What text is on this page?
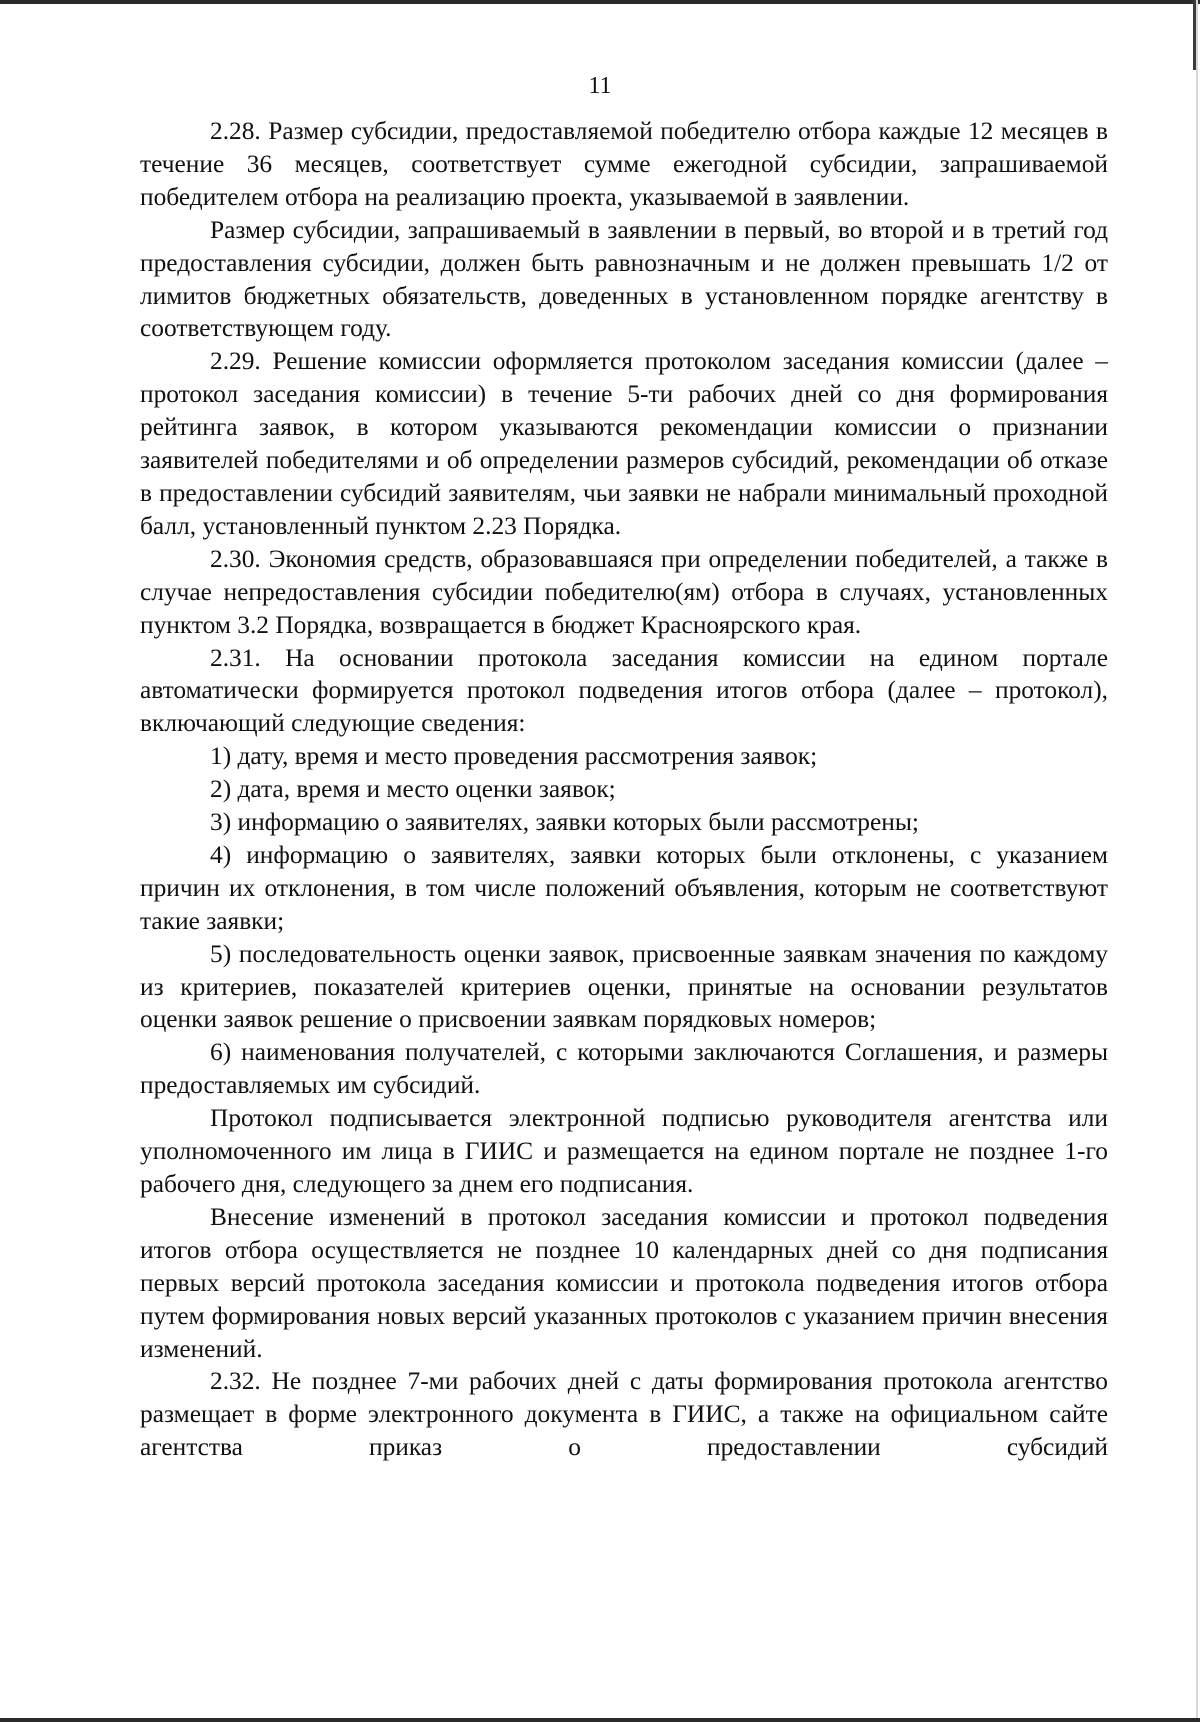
11

2.28. Размер субсидии, предоставляемой победителю отбора каждые 12 месяцев в течение 36 месяцев, соответствует сумме ежегодной субсидии, запрашиваемой победителем отбора на реализацию проекта, указываемой в заявлении.

Размер субсидии, запрашиваемый в заявлении в первый, во второй и в третий год предоставления субсидии, должен быть равнозначным и не должен превышать 1/2 от лимитов бюджетных обязательств, доведенных в установленном порядке агентству в соответствующем году.

2.29. Решение комиссии оформляется протоколом заседания комиссии (далее – протокол заседания комиссии) в течение 5-ти рабочих дней со дня формирования рейтинга заявок, в котором указываются рекомендации комиссии о признании заявителей победителями и об определении размеров субсидий, рекомендации об отказе в предоставлении субсидий заявителям, чьи заявки не набрали минимальный проходной балл, установленный пунктом 2.23 Порядка.

2.30. Экономия средств, образовавшаяся при определении победителей, а также в случае непредоставления субсидии победителю(ям) отбора в случаях, установленных пунктом 3.2 Порядка, возвращается в бюджет Красноярского края.

2.31. На основании протокола заседания комиссии на едином портале автоматически формируется протокол подведения итогов отбора (далее – протокол), включающий следующие сведения:

1) дату, время и место проведения рассмотрения заявок;

2) дата, время и место оценки заявок;

3) информацию о заявителях, заявки которых были рассмотрены;

4) информацию о заявителях, заявки которых были отклонены, с указанием причин их отклонения, в том числе положений объявления, которым не соответствуют такие заявки;

5) последовательность оценки заявок, присвоенные заявкам значения по каждому из критериев, показателей критериев оценки, принятые на основании результатов оценки заявок решение о присвоении заявкам порядковых номеров;

6) наименования получателей, с которыми заключаются Соглашения, и размеры предоставляемых им субсидий.

Протокол подписывается электронной подписью руководителя агентства или уполномоченного им лица в ГИИС и размещается на едином портале не позднее 1-го рабочего дня, следующего за днем его подписания.

Внесение изменений в протокол заседания комиссии и протокол подведения итогов отбора осуществляется не позднее 10 календарных дней со дня подписания первых версий протокола заседания комиссии и протокола подведения итогов отбора путем формирования новых версий указанных протоколов с указанием причин внесения изменений.

2.32. Не позднее 7-ми рабочих дней с даты формирования протокола агентство размещает в форме электронного документа в ГИИС, а также на официальном сайте агентства приказ о предоставлении субсидий
